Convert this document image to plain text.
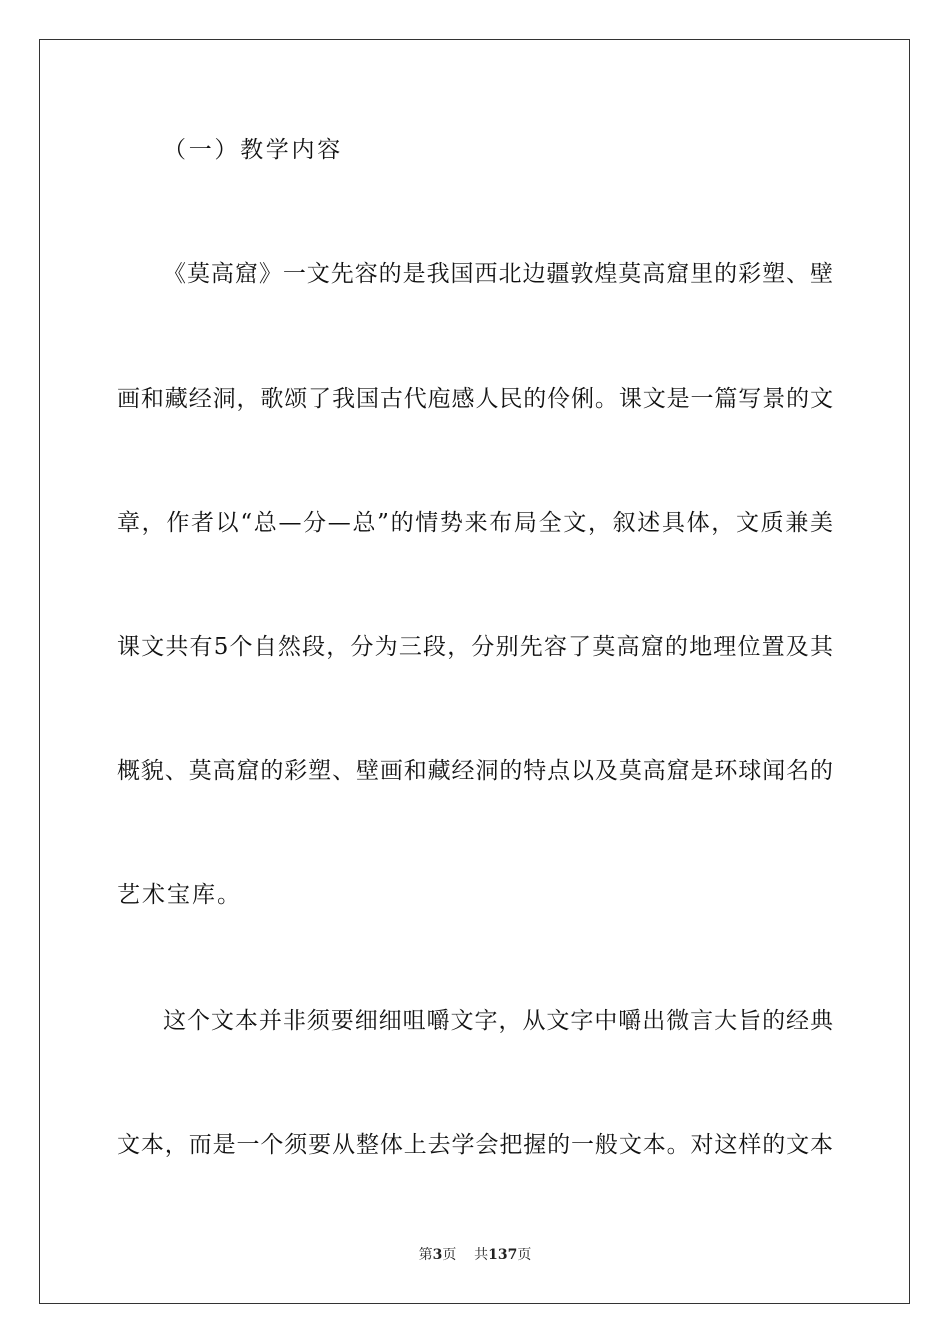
（一）教学内容
《莫高窟》一文先容的是我国西北边疆敦煌莫高窟里的彩塑、壁
画和藏经洞，歌颂了我国古代庖感人民的伶俐。课文是一篇写景的文
章，作者以“总—分—总”的情势来布局全文，叙述具体，文质兼美
课文共有5个自然段，分为三段，分别先容了莫高窟的地理位置及其
概貌、莫高窟的彩塑、壁画和藏经洞的特点以及莫高窟是环球闻名的
艺术宝库。
这个文本并非须要细细咀嚼文字，从文字中嚼出微言大旨的经典
文本，而是一个须要从整体上去学会把握的一般文本。对这样的文本
第3页 共137页
